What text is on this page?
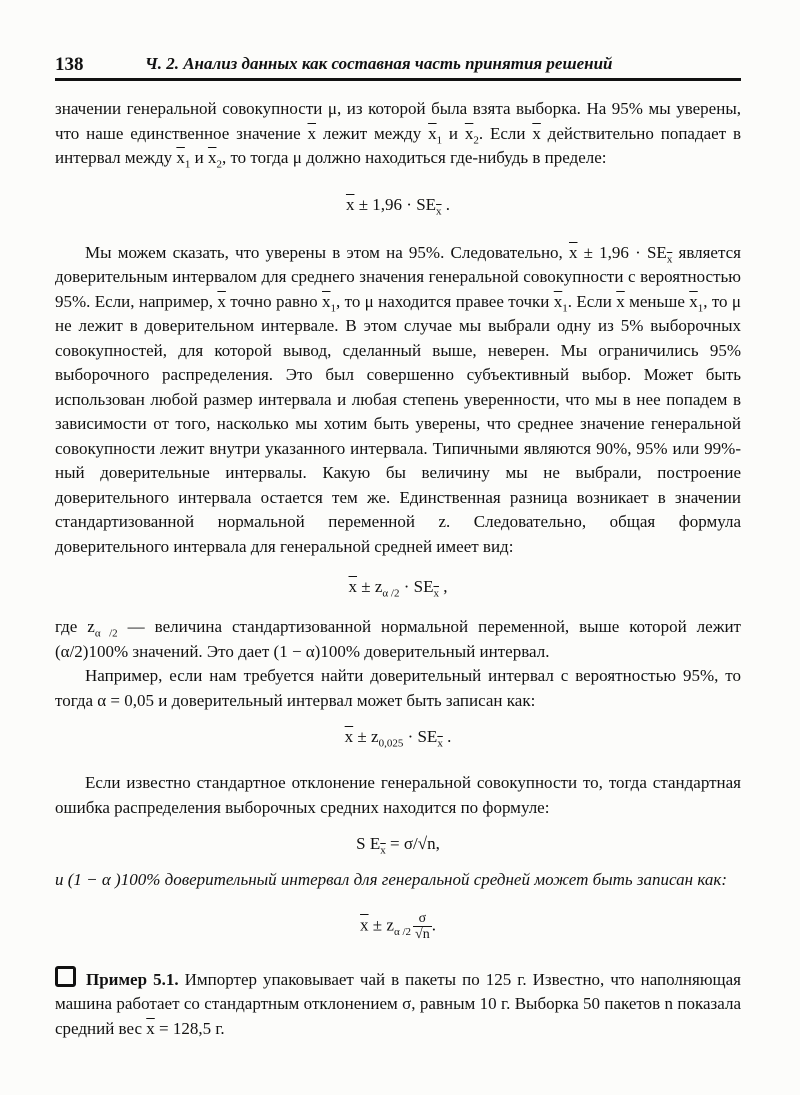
138	Ч. 2. Анализ данных как составная часть принятия решений

значении генеральной совокупности μ, из которой была взята выборка. На 95% мы уверены, что наше единственное значение $\overline{x}$ лежит между $\overline{x}_1$ и $\overline{x}_2$. Если $\overline{x}$ действительно попадает в интервал между $\overline{x}_1$ и $\overline{x}_2$, то тогда μ должно находиться где-нибудь в пределе:

$\overline{x} \pm 1,96 \cdot SE_{\overline{x}}$ .

Мы можем сказать, что уверены в этом на 95%. Следовательно, $\overline{x} \pm 1,96 \cdot SE_{\overline{x}}$ является доверительным интервалом для среднего значения генеральной совокупности с вероятностью 95%. Если, например, $\overline{x}$ точно равно $\overline{x}_1$, то μ находится правее точки $\overline{x}_1$. Если $\overline{x}$ меньше $\overline{x}_1$, то μ не лежит в доверительном интервале. В этом случае мы выбрали одну из 5% выборочных совокупностей, для которой вывод, сделанный выше, неверен. Мы ограничились 95% выборочного распределения. Это был совершенно субъективный выбор. Может быть использован любой размер интервала и любая степень уверенности, что мы в нее попадем в зависимости от того, насколько мы хотим быть уверены, что среднее значение генеральной совокупности лежит внутри указанного интервала. Типичными являются 90%, 95% или 99%-ный доверительные интервалы. Какую бы величину мы не выбрали, построение доверительного интервала остается тем же. Единственная разница возникает в значении стандартизованной нормальной переменной z. Следовательно, общая формула доверительного интервала для генеральной средней имеет вид:

$\overline{x} \pm z_{\alpha /2} \cdot SE_{\overline{x}}$ ,

где $z_{\alpha /2}$ — величина стандартизованной нормальной переменной, выше которой лежит (α/2)100% значений. Это дает (1 − α)100% доверительный интервал.

Например, если нам требуется найти доверительный интервал с вероятностью 95%, то тогда α = 0,05 и доверительный интервал может быть записан как:

$\overline{x} \pm z_{0,025} \cdot SE_{\overline{x}}$ .

Если известно стандартное отклонение генеральной совокупности то, тогда стандартная ошибка распределения выборочных средних находится по формуле:

S $E_{\overline{x}} = \sigma/√n$,

и (1 − α )100% доверительный интервал для генеральной средней может быть записан как:

$\overline{x} \pm z_{\alpha /2} \frac{\sigma}{√n}$ .

Пример 5.1. Импортер упаковывает чай в пакеты по 125 г. Известно, что наполняющая машина работает со стандартным отклонением σ, равным 10 г. Выборка 50 пакетов n показала средний вес $\overline{x} = 128,5$ г.
